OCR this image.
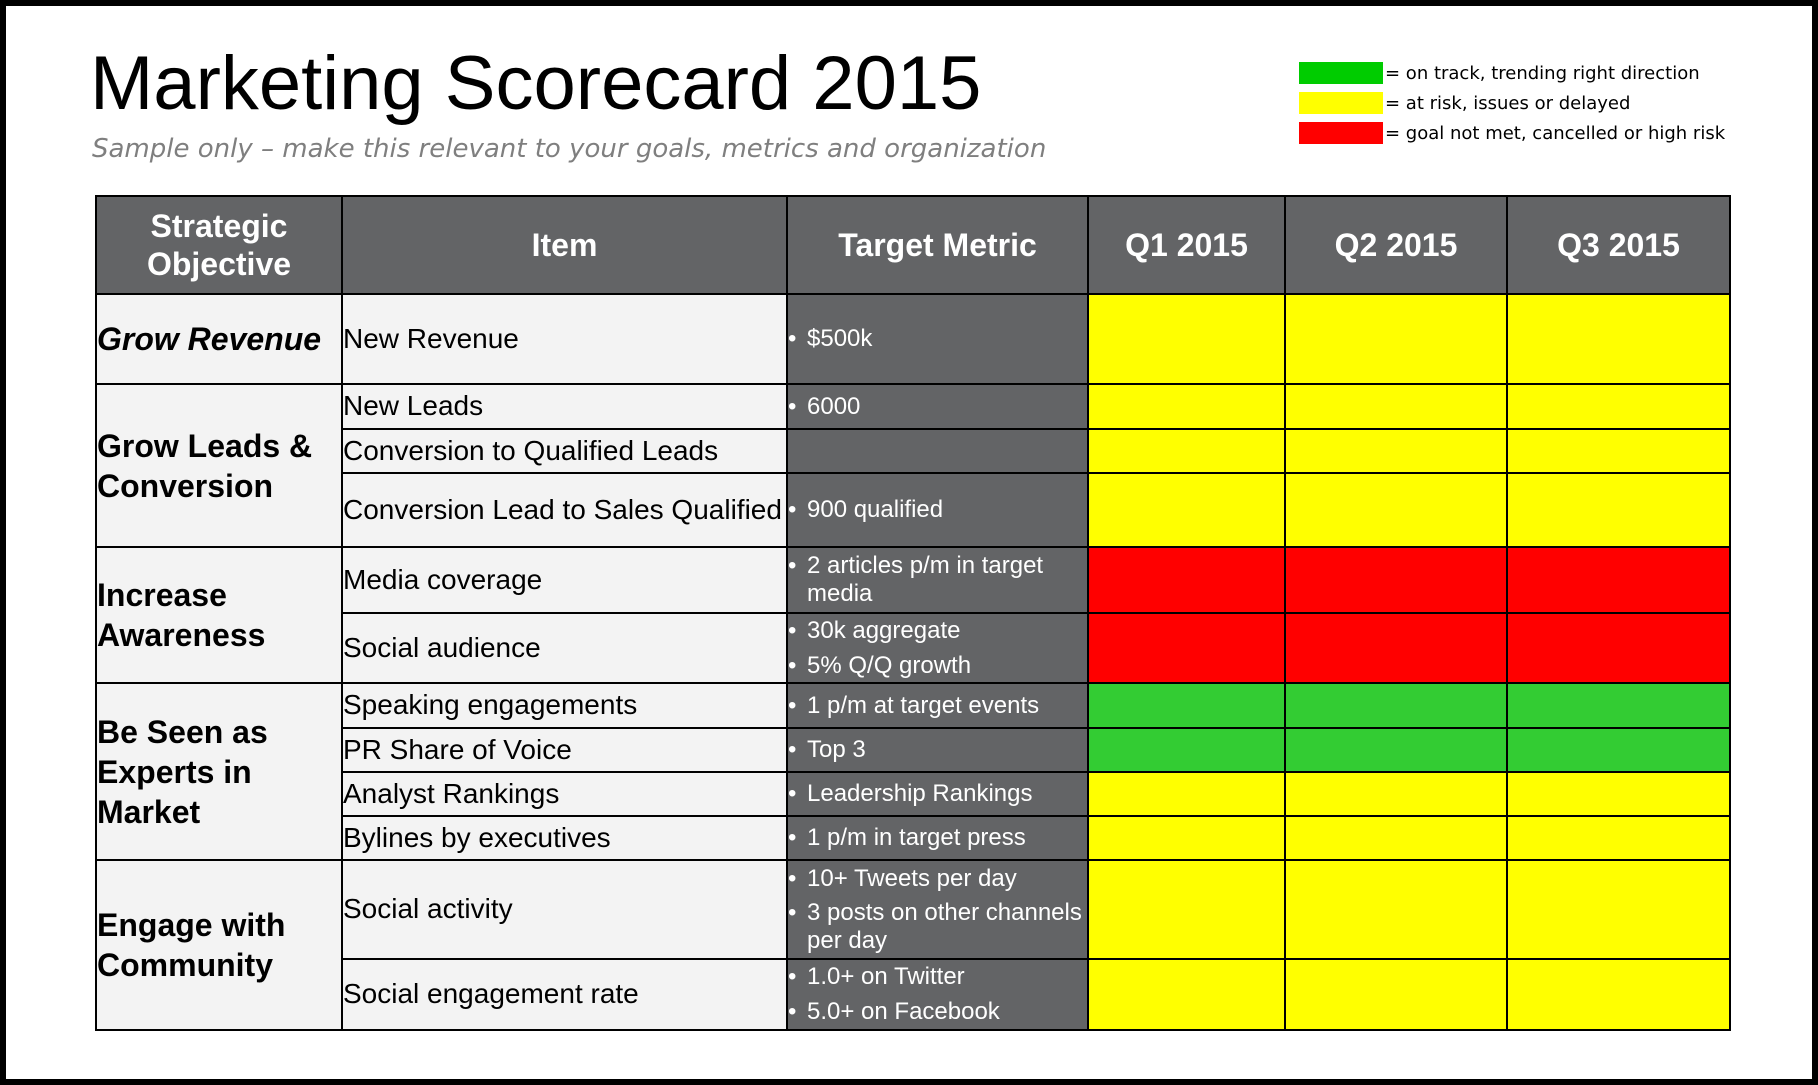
Marketing Scorecard 2015
Sample only – make this relevant to your goals, metrics and organization
= on track, trending right direction
= at risk, issues or delayed
= goal not met, cancelled or high risk
Strategic Objective	Item	Target Metric	Q1 2015	Q2 2015	Q3 2015
Grow Revenue	New Revenue	• $500k			

Grow Leads & Conversion	New Leads	• 6000			

	Conversion to Qualified Leads				
	Conversion Lead to Sales Qualified	• 900 qualified			

Increase Awareness	Media coverage	• 2 articles p/m in target media			

	Social audience	• 30k aggregate
• 5% Q/Q growth			

Be Seen as Experts in Market	Speaking engagements	• 1 p/m at target events			

	PR Share of Voice	• Top 3			

	Analyst Rankings	• Leadership Rankings			

	Bylines by executives	• 1 p/m in target press			

Engage with Community	Social activity	• 10+ Tweets per day
• 3 posts on other channels per day			

	Social engagement rate	• 1.0+ on Twitter
• 5.0+ on Facebook			
